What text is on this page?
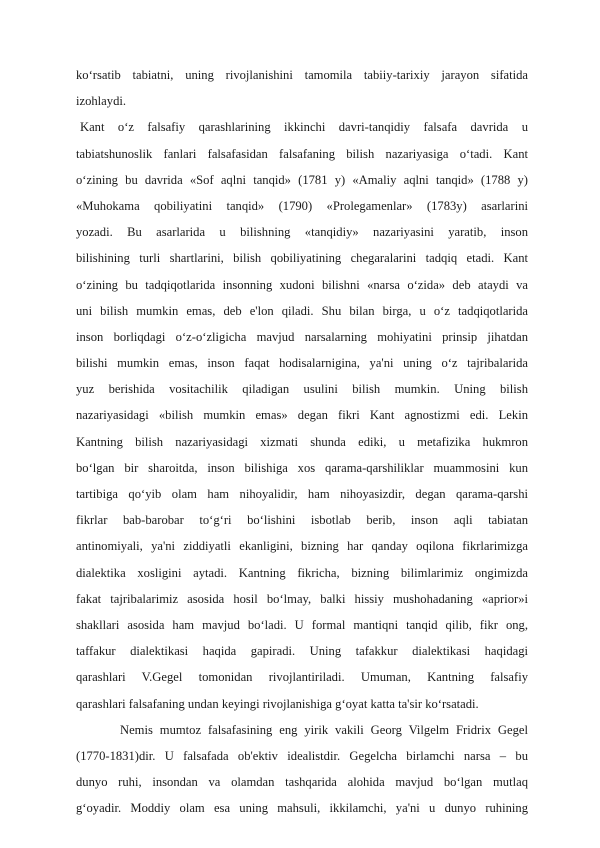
ko‘rsatib tabiatni, uning rivojlanishini tamomila tabiiy-tarixiy jarayon sifatida
izohlaydi.
Kant o‘z falsafiy qarashlarining ikkinchi davri-tanqidiy falsafa davrida u
tabiatshunoslik fanlari falsafasidan falsafaning bilish nazariyasiga o‘tadi. Kant
o‘zining bu davrida «Sof aqlni tanqid» (1781 y) «Amaliy aqlni tanqid» (1788 y)
«Muhokama qobiliyatini tanqid» (1790) «Prolegamenlar» (1783y) asarlarini
yozadi. Bu asarlarida u bilishning «tanqidiy» nazariyasini yaratib, inson
bilishining turli shartlarini, bilish qobiliyatining chegaralarini tadqiq etadi. Kant
o‘zining bu tadqiqotlarida insonning xudoni bilishni «narsa o‘zida» deb ataydi va
uni bilish mumkin emas, deb e'lon qiladi. Shu bilan birga, u o‘z tadqiqotlarida
inson borliqdagi o‘z-o‘zligicha mavjud narsalarning mohiyatini prinsip jihatdan
bilishi mumkin emas, inson faqat hodisalarnigina, ya'ni uning o‘z tajribalarida
yuz berishida vositachilik qiladigan usulini bilish mumkin. Uning bilish
nazariyasidagi «bilish mumkin emas» degan fikri Kant agnostizmi edi. Lekin
Kantning bilish nazariyasidagi xizmati shunda ediki, u metafizika hukmron
bo‘lgan bir sharoitda, inson bilishiga xos qarama-qarshiliklar muammosini kun
tartibiga qo‘yib olam ham nihoyalidir, ham nihoyasizdir, degan qarama-qarshi
fikrlar bab-barobar to‘g‘ri bo‘lishini isbotlab berib, inson aqli tabiatan
antinomiyali, ya'ni ziddiyatli ekanligini, bizning har qanday oqilona fikrlarimizga
dialektika xosligini aytadi. Kantning fikricha, bizning bilimlarimiz ongimizda
fakat tajribalarimiz asosida hosil bo‘lmay, balki hissiy mushohadaning «aprior»i
shakllari asosida ham mavjud bo‘ladi. U formal mantiqni tanqid qilib, fikr ong,
taffakur dialektikasi haqida gapiradi. Uning tafakkur dialektikasi haqidagi
qarashlari V.Gegel tomonidan rivojlantiriladi. Umuman, Kantning falsafiy
qarashlari falsafaning undan keyingi rivojlanishiga g‘oyat katta ta'sir ko‘rsatadi.
Nemis mumtoz falsafasining eng yirik vakili Georg Vilgelm Fridrix Gegel
(1770-1831)dir. U falsafada ob'ektiv idealistdir. Gegelcha birlamchi narsa – bu
dunyo ruhi, insondan va olamdan tashqarida alohida mavjud bo‘lgan mutlaq
g‘oyadir. Moddiy olam esa uning mahsuli, ikkilamchi, ya'ni u dunyo ruhining
